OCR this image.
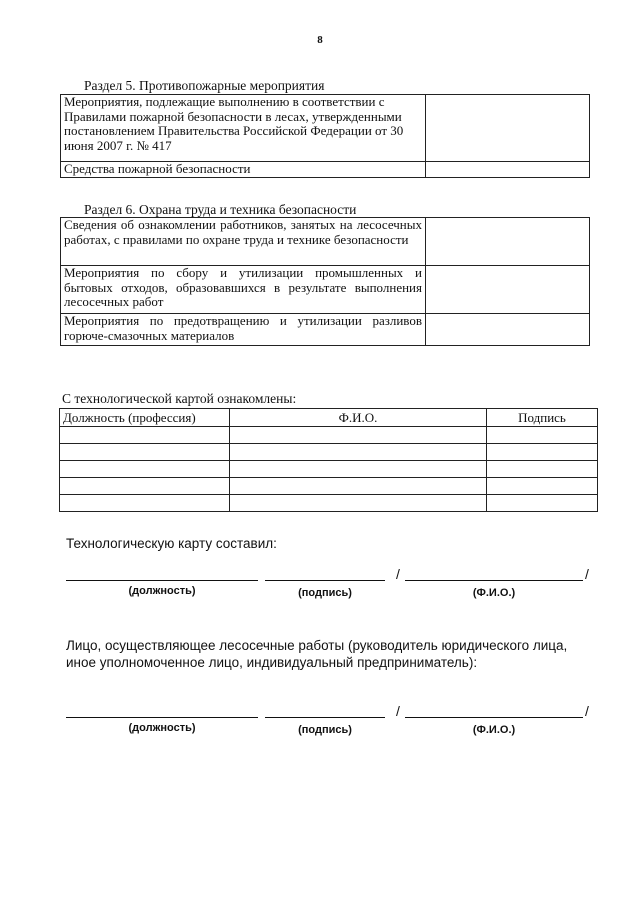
8
Раздел 5. Противопожарные мероприятия
Мероприятия, подлежащие выполнению в соответствии с Правилами пожарной безопасности в лесах, утвержденными постановлением Правительства Российской Федерации от 30 июня 2007 г. № 417	
Средства пожарной безопасности	
Раздел 6. Охрана труда и техника безопасности
Сведения об ознакомлении работников, занятых на лесосечных работах, с правилами по охране труда и технике безопасности	
Мероприятия по сбору и утилизации промышленных и бытовых отходов, образовавшихся в результате выполнения лесосечных работ	
Мероприятия по предотвращению и утилизации разливов горюче-смазочных материалов	
С технологической картой ознакомлены:
Должность (профессия)	Ф.И.О.	Подпись

Технологическую карту составил:
/	/
(должность)	(подпись)	(Ф.И.О.)
Лицо, осуществляющее лесосечные работы (руководитель юридического лица, иное уполномоченное лицо, индивидуальный предприниматель):
/	/
(должность)	(подпись)	(Ф.И.О.)
